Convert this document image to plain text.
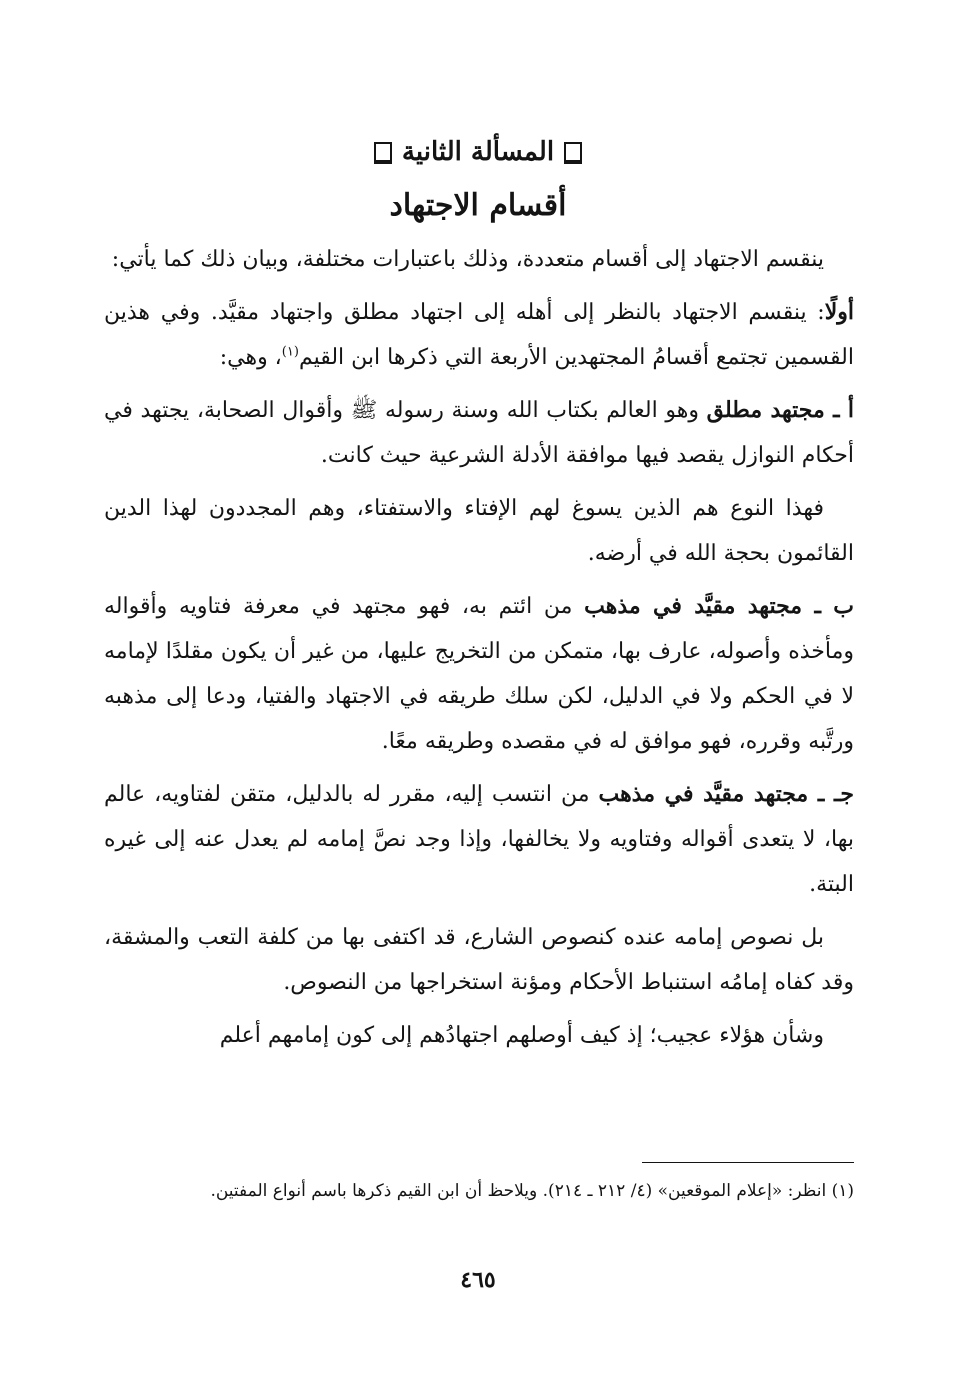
المسألة الثانية
أقسام الاجتهاد

ينقسم الاجتهاد إلى أقسام متعددة، وذلك باعتبارات مختلفة، وبيان ذلك كما يأتي:

أولًا: ينقسم الاجتهاد بالنظر إلى أهله إلى اجتهاد مطلق واجتهاد مقيَّد. وفي هذين القسمين تجتمع أقسامُ المجتهدين الأربعة التي ذكرها ابن القيم$^{(١)}$، وهي:

أ ـ مجتهد مطلق وهو العالم بكتاب الله وسنة رسوله ﷺ وأقوال الصحابة، يجتهد في أحكام النوازل يقصد فيها موافقة الأدلة الشرعية حيث كانت.

فهذا النوع هم الذين يسوغ لهم الإفتاء والاستفتاء، وهم المجددون لهذا الدين القائمون بحجة الله في أرضه.

ب ـ مجتهد مقيَّد في مذهب من ائتم به، فهو مجتهد في معرفة فتاويه وأقواله ومأخذه وأصوله، عارف بها، متمكن من التخريج عليها، من غير أن يكون مقلدًا لإمامه لا في الحكم ولا في الدليل، لكن سلك طريقه في الاجتهاد والفتيا، ودعا إلى مذهبه ورتَّبه وقرره، فهو موافق له في مقصده وطريقه معًا.

جـ ـ مجتهد مقيَّد في مذهب من انتسب إليه، مقرر له بالدليل، متقن لفتاويه، عالم بها، لا يتعدى أقواله وفتاويه ولا يخالفها، وإذا وجد نصَّ إمامه لم يعدل عنه إلى غيره البتة.

بل نصوص إمامه عنده كنصوص الشارع، قد اكتفى بها من كلفة التعب والمشقة، وقد كفاه إمامُه استنباط الأحكام ومؤنة استخراجها من النصوص.

وشأن هؤلاء عجيب؛ إذ كيف أوصلهم اجتهادُهم إلى كون إمامهم أعلم

(١) انظر: «إعلام الموقعين» (٤/ ٢١٢ ـ ٢١٤). ويلاحظ أن ابن القيم ذكرها باسم أنواع المفتين.
٤٦٥
